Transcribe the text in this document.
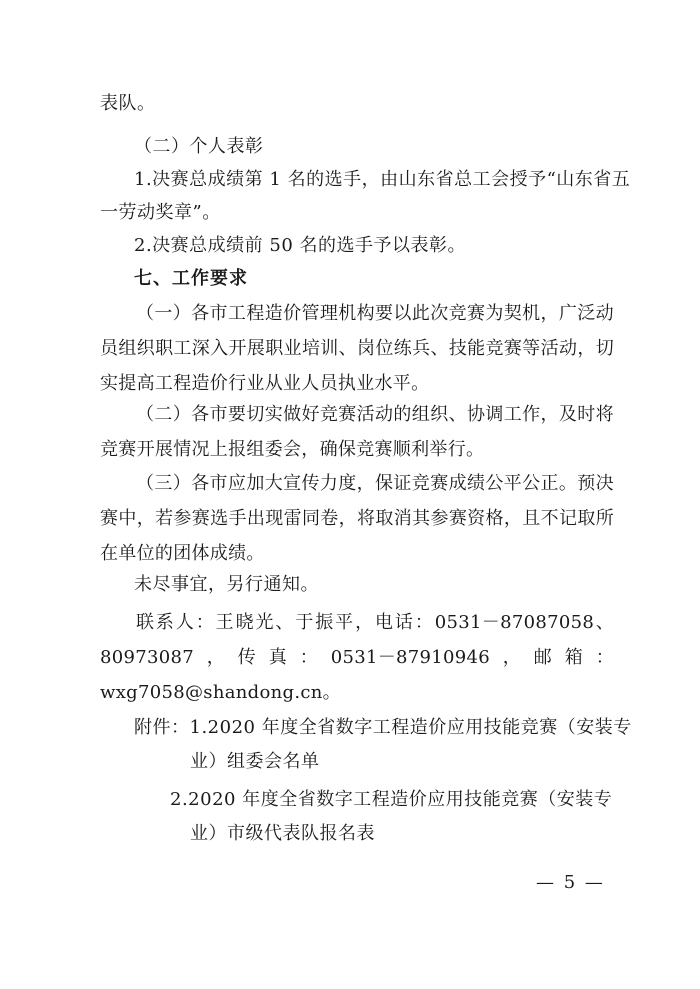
表队。
（二）个人表彰
1.决赛总成绩第 1 名的选手，由山东省总工会授予“山东省五
一劳动奖章”。
2.决赛总成绩前 50 名的选手予以表彰。
七、工作要求
（一）各市工程造价管理机构要以此次竞赛为契机，广泛动员组织职工深入开展职业培训、岗位练兵、技能竞赛等活动，切实提高工程造价行业从业人员执业水平。
（二）各市要切实做好竞赛活动的组织、协调工作，及时将竞赛开展情况上报组委会，确保竞赛顺利举行。
（三）各市应加大宣传力度，保证竞赛成绩公平公正。预决赛中，若参赛选手出现雷同卷，将取消其参赛资格，且不记取所在单位的团体成绩。
未尽事宜，另行通知。
联系人：王晓光、于振平，电话：0531－87087058、80973087，传真：0531－87910946，邮箱：wxg7058@shandong.cn。
附件：1.2020 年度全省数字工程造价应用技能竞赛（安装专
业）组委会名单
2.2020 年度全省数字工程造价应用技能竞赛（安装专
业）市级代表队报名表
— 5 —
